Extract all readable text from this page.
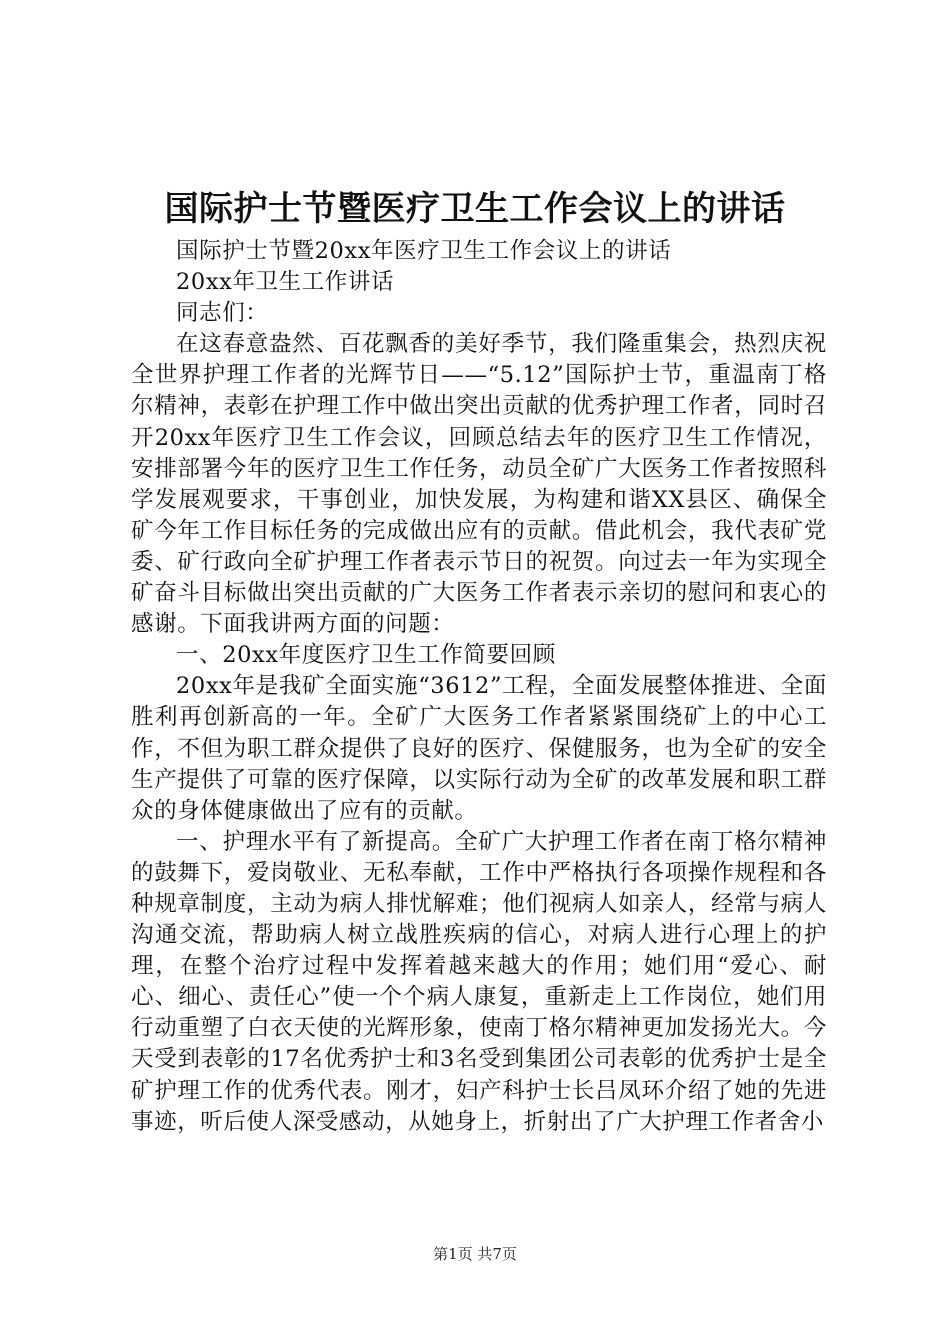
国际护士节暨医疗卫生工作会议上的讲话

国际护士节暨20xx年医疗卫生工作会议上的讲话

20xx年卫生工作讲话

同志们：

在这春意盎然、百花飘香的美好季节，我们隆重集会，热烈庆祝全世界护理工作者的光辉节日——“5.12”国际护士节，重温南丁格尔精神，表彰在护理工作中做出突出贡献的优秀护理工作者，同时召开20xx年医疗卫生工作会议，回顾总结去年的医疗卫生工作情况，安排部署今年的医疗卫生工作任务，动员全矿广大医务工作者按照科学发展观要求，干事创业，加快发展，为构建和谐XX县区、确保全矿今年工作目标任务的完成做出应有的贡献。借此机会，我代表矿党委、矿行政向全矿护理工作者表示节日的祝贺。向过去一年为实现全矿奋斗目标做出突出贡献的广大医务工作者表示亲切的慰问和衷心的感谢。下面我讲两方面的问题：

一、20xx年度医疗卫生工作简要回顾

20xx年是我矿全面实施“3612”工程，全面发展整体推进、全面胜利再创新高的一年。全矿广大医务工作者紧紧围绕矿上的中心工作，不但为职工群众提供了良好的医疗、保健服务，也为全矿的安全生产提供了可靠的医疗保障，以实际行动为全矿的改革发展和职工群众的身体健康做出了应有的贡献。

一、护理水平有了新提高。全矿广大护理工作者在南丁格尔精神的鼓舞下，爱岗敬业、无私奉献，工作中严格执行各项操作规程和各种规章制度，主动为病人排忧解难；他们视病人如亲人，经常与病人沟通交流，帮助病人树立战胜疾病的信心，对病人进行心理上的护理，在整个治疗过程中发挥着越来越大的作用；她们用“爱心、耐心、细心、责任心”使一个个病人康复，重新走上工作岗位，她们用行动重塑了白衣天使的光辉形象，使南丁格尔精神更加发扬光大。今天受到表彰的17名优秀护士和3名受到集团公司表彰的优秀护士是全矿护理工作的优秀代表。刚才，妇产科护士长吕凤环介绍了她的先进事迹，听后使人深受感动，从她身上，折射出了广大护理工作者舍小

第1页 共7页
